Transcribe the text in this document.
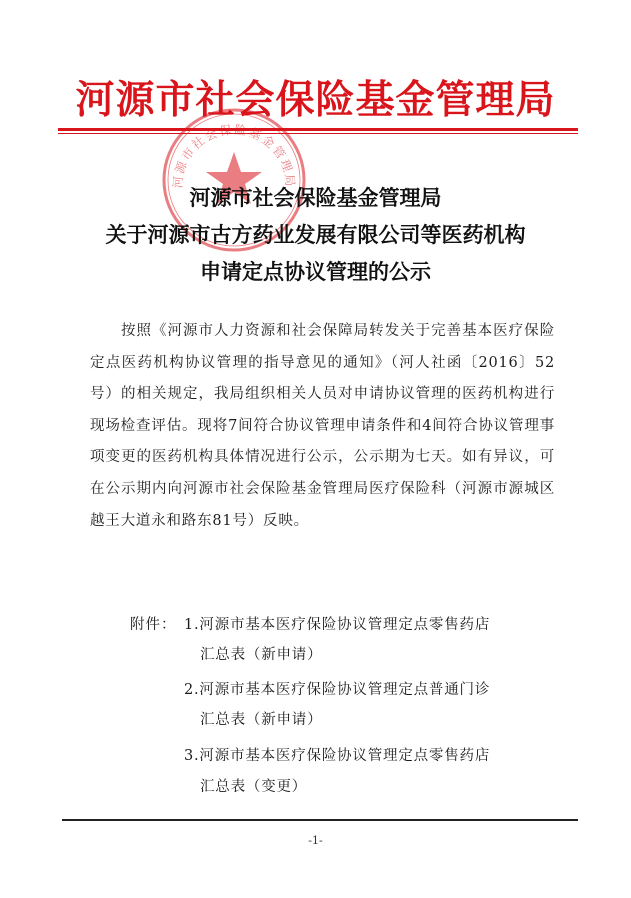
河源市社会保险基金管理局
河源市社会保险基金管理局
河源市社会保险基金管理局
关于河源市古方药业发展有限公司等医药机构
申请定点协议管理的公示
按照《河源市人力资源和社会保障局转发关于完善基本医疗保险定点医药机构协议管理的指导意见的通知》（河人社函〔2016〕52号）的相关规定，我局组织相关人员对申请协议管理的医药机构进行现场检查评估。现将7间符合协议管理申请条件和4间符合协议管理事项变更的医药机构具体情况进行公示，公示期为七天。如有异议，可在公示期内向河源市社会保险基金管理局医疗保险科（河源市源城区越王大道永和路东81号）反映。
附件： 1.河源市基本医疗保险协议管理定点零售药店
汇总表（新申请）
2.河源市基本医疗保险协议管理定点普通门诊
汇总表（新申请）
3.河源市基本医疗保险协议管理定点零售药店
汇总表（变更）
-1-
